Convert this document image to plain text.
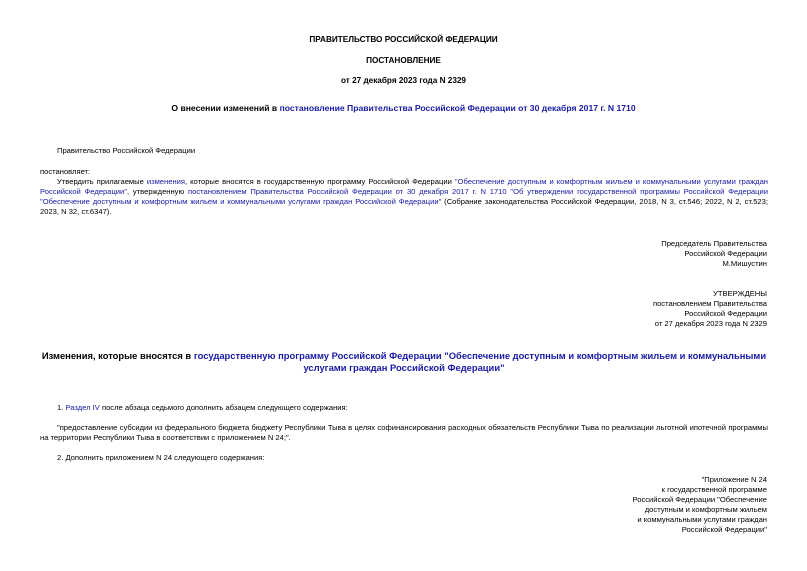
ПРАВИТЕЛЬСТВО РОССИЙСКОЙ ФЕДЕРАЦИИ
ПОСТАНОВЛЕНИЕ
от 27 декабря 2023 года N 2329
О внесении изменений в постановление Правительства Российской Федерации от 30 декабря 2017 г. N 1710
Правительство Российской Федерации
постановляет:
Утвердить прилагаемые изменения, которые вносятся в государственную программу Российской Федерации "Обеспечение доступным и комфортным жильем и коммунальными услугами граждан Российской Федерации", утвержденную постановлением Правительства Российской Федерации от 30 декабря 2017 г. N 1710 "Об утверждении государственной программы Российской Федерации "Обеспечение доступным и комфортным жильем и коммунальными услугами граждан Российской Федерации" (Собрание законодательства Российской Федерации, 2018, N 3, ст.546; 2022, N 2, ст.523; 2023, N 32, ст.6347).
Председатель Правительства
Российской Федерации
М.Мишустин
УТВЕРЖДЕНЫ
постановлением Правительства
Российской Федерации
от 27 декабря 2023 года N 2329
Изменения, которые вносятся в государственную программу Российской Федерации "Обеспечение доступным и комфортным жильем и коммунальными услугами граждан Российской Федерации"
1. Раздел IV после абзаца седьмого дополнить абзацем следующего содержания:
"предоставление субсидии из федерального бюджета бюджету Республики Тыва в целях софинансирования расходных обязательств Республики Тыва по реализации льготной ипотечной программы на территории Республики Тыва в соответствии с приложением N 24;".
2. Дополнить приложением N 24 следующего содержания:
"Приложение N 24
к государственной программе
Российской Федерации "Обеспечение
доступным и комфортным жильем
и коммунальными услугами граждан
Российской Федерации"
